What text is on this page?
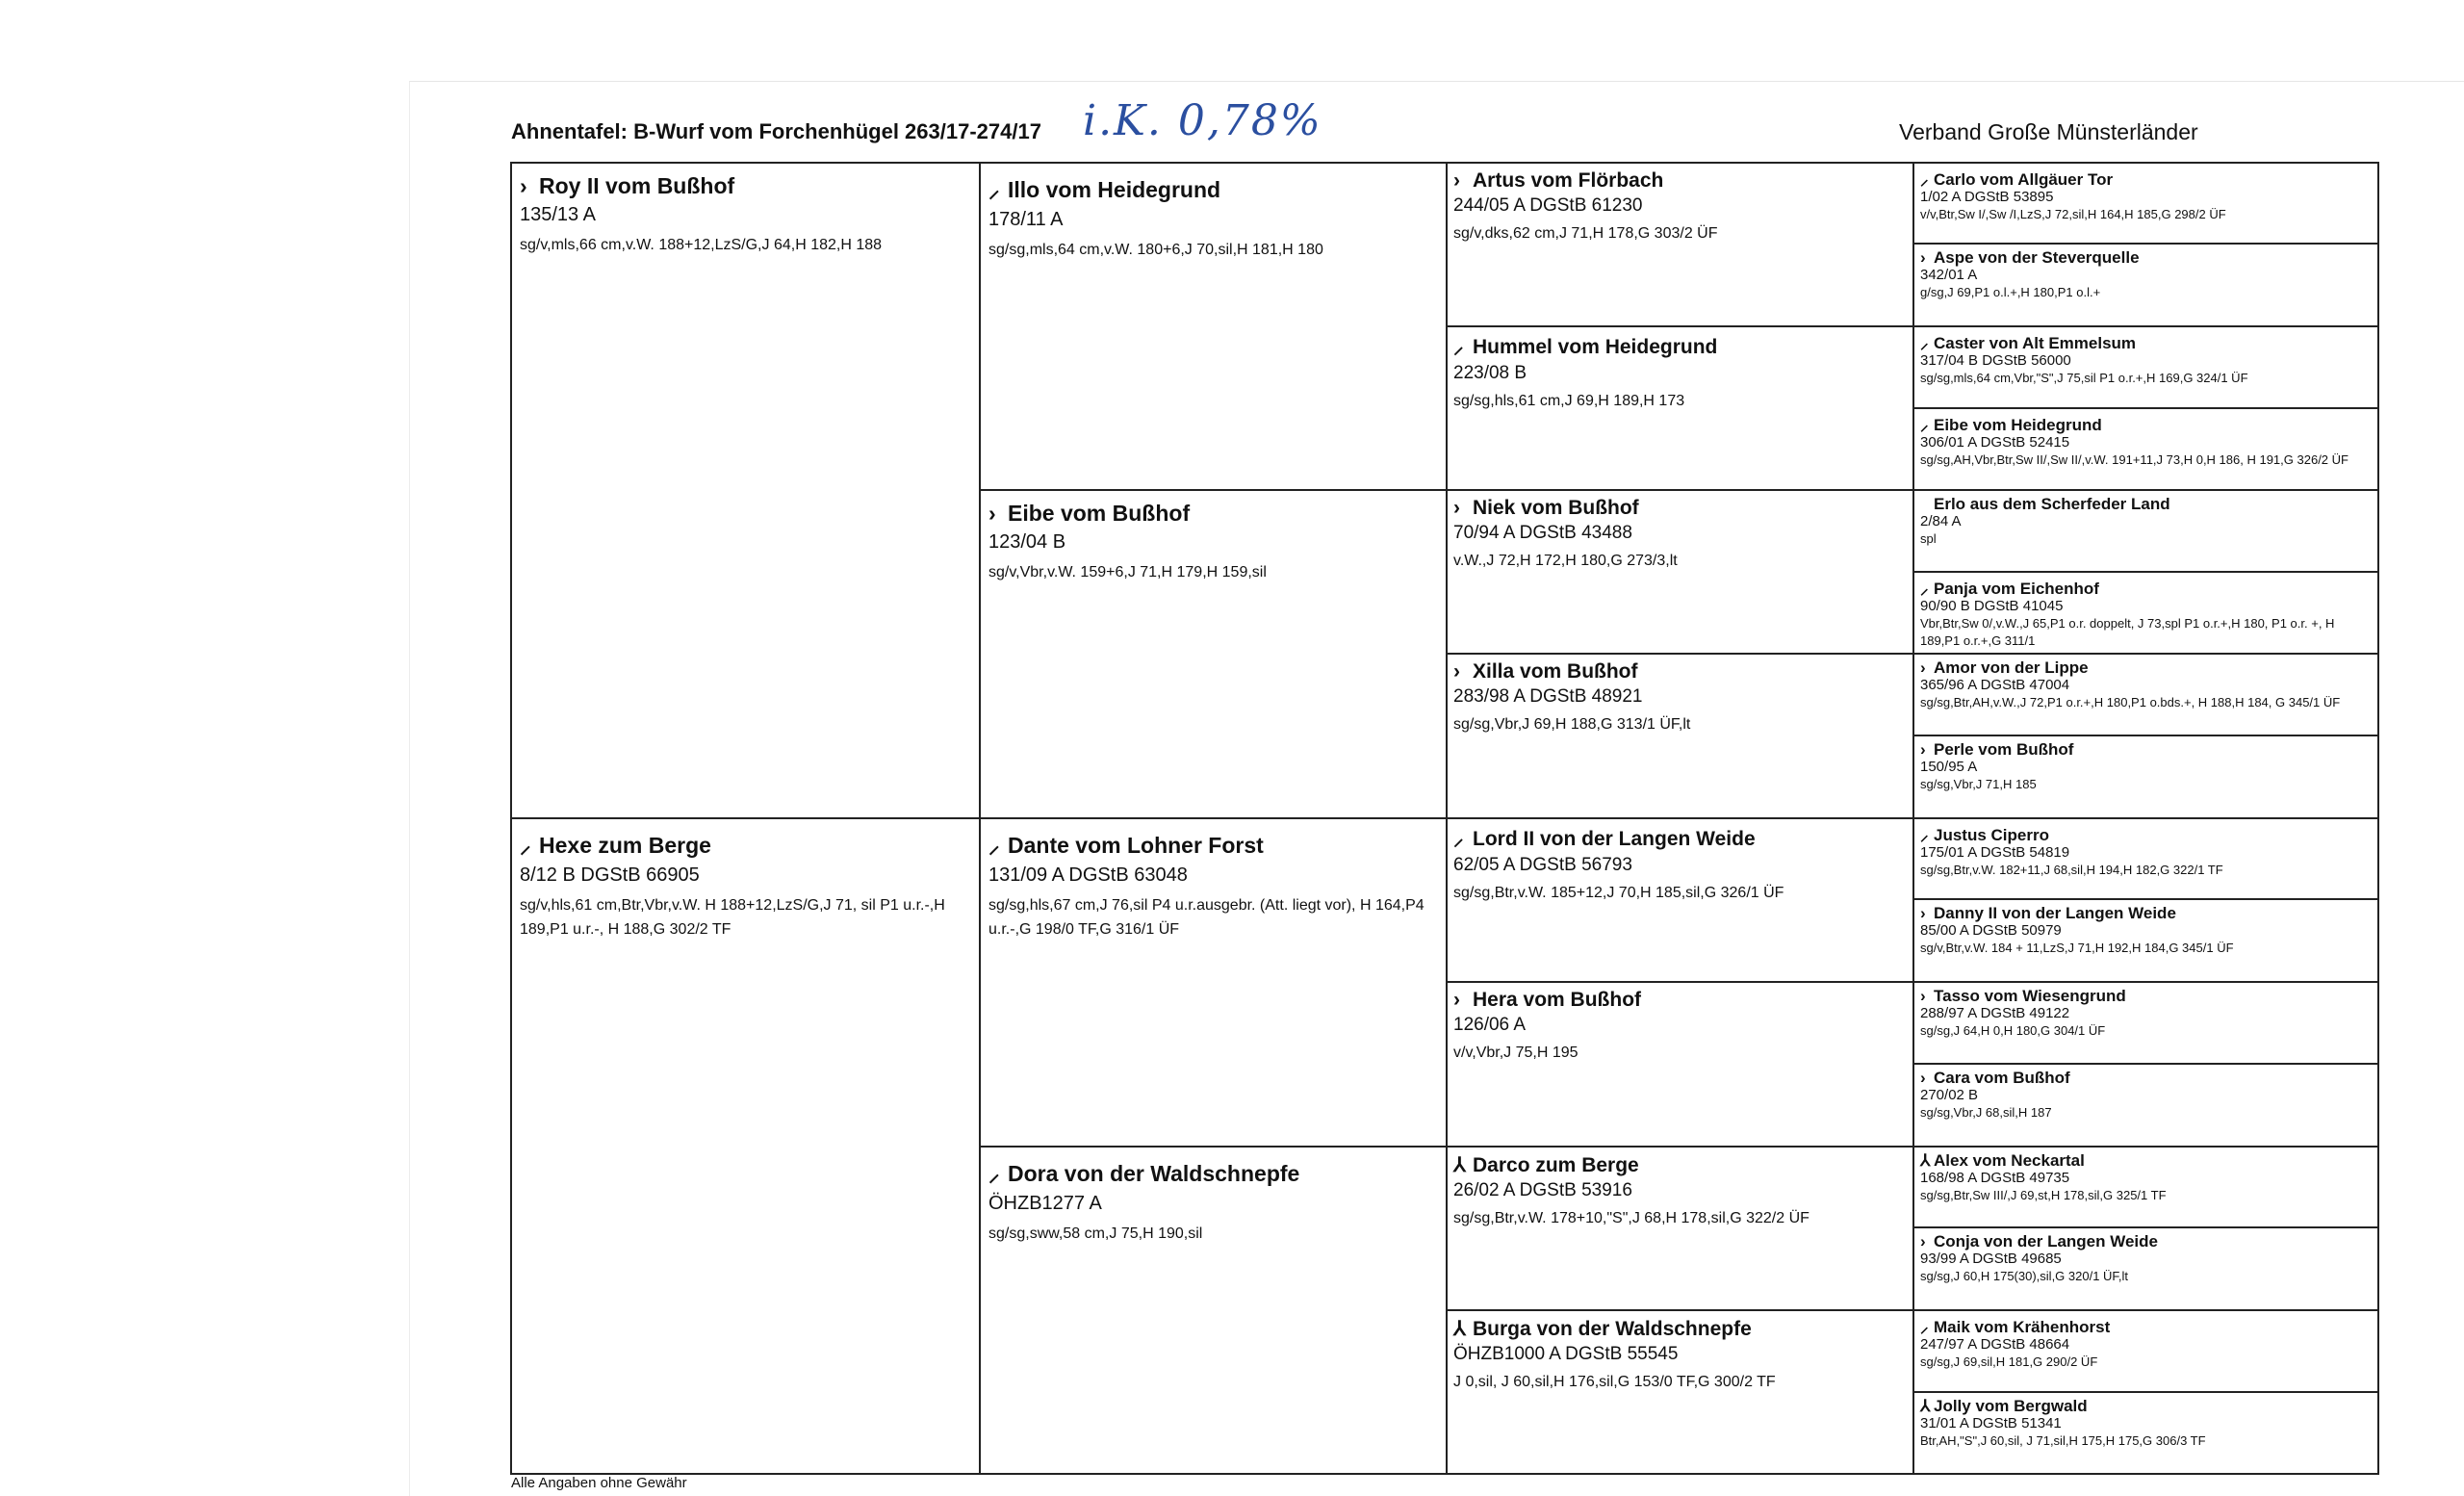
Ahnentafel: B-Wurf vom Forchenhügel 263/17-274/17 i.K. 0,78%	Verband Große Münsterländer
› Roy II vom Bußhof
135/13 A
sg/v,mls,66 cm,v.W. 188+12,LzS/G,J 64,H 182,H 188
⸝ Hexe zum Berge
8/12 B DGStB 66905
sg/v,hls,61 cm,Btr,Vbr,v.W. H 188+12,LzS/G,J 71, sil P1 u.r.-,H 189,P1 u.r.-, H 188,G 302/2 TF
⸝ Illo vom Heidegrund
178/11 A
sg/sg,mls,64 cm,v.W. 180+6,J 70,sil,H 181,H 180
› Eibe vom Bußhof
123/04 B
sg/v,Vbr,v.W. 159+6,J 71,H 179,H 159,sil
⸝ Dante vom Lohner Forst
131/09 A DGStB 63048
sg/sg,hls,67 cm,J 76,sil P4 u.r.ausgebr. (Att. liegt vor), H 164,P4 u.r.-,G 198/0 TF,G 316/1 ÜF
⸝ Dora von der Waldschnepfe
ÖHZB1277 A
sg/sg,sww,58 cm,J 75,H 190,sil
› Artus vom Flörbach
244/05 A DGStB 61230
sg/v,dks,62 cm,J 71,H 178,G 303/2 ÜF
⸝ Hummel vom Heidegrund
223/08 B
sg/sg,hls,61 cm,J 69,H 189,H 173
› Niek vom Bußhof
70/94 A DGStB 43488
v.W.,J 72,H 172,H 180,G 273/3,lt
› Xilla vom Bußhof
283/98 A DGStB 48921
sg/sg,Vbr,J 69,H 188,G 313/1 ÜF,lt
⸝ Lord II von der Langen Weide
62/05 A DGStB 56793
sg/sg,Btr,v.W. 185+12,J 70,H 185,sil,G 326/1 ÜF
› Hera vom Bußhof
126/06 A
v/v,Vbr,J 75,H 195
⅄ Darco zum Berge
26/02 A DGStB 53916
sg/sg,Btr,v.W. 178+10,"S",J 68,H 178,sil,G 322/2 ÜF
⅄ Burga von der Waldschnepfe
ÖHZB1000 A DGStB 55545
J 0,sil, J 60,sil,H 176,sil,G 153/0 TF,G 300/2 TF
⸝ Carlo vom Allgäuer Tor
1/02 A DGStB 53895
v/v,Btr,Sw I/,Sw /I,LzS,J 72,sil,H 164,H 185,G 298/2 ÜF
› Aspe von der Steverquelle
342/01 A
g/sg,J 69,P1 o.l.+,H 180,P1 o.l.+
⸝ Caster von Alt Emmelsum
317/04 B DGStB 56000
sg/sg,mls,64 cm,Vbr,"S",J 75,sil P1 o.r.+,H 169,G 324/1 ÜF
⸝ Eibe vom Heidegrund
306/01 A DGStB 52415
sg/sg,AH,Vbr,Btr,Sw II/,Sw II/,v.W. 191+11,J 73,H 0,H 186, H 191,G 326/2 ÜF
Erlo aus dem Scherfeder Land
2/84 A
spl
⸝ Panja vom Eichenhof
90/90 B DGStB 41045
Vbr,Btr,Sw 0/,v.W.,J 65,P1 o.r. doppelt, J 73,spl P1 o.r.+,H 180, P1 o.r. +, H 189,P1 o.r.+,G 311/1
› Amor von der Lippe
365/96 A DGStB 47004
sg/sg,Btr,AH,v.W.,J 72,P1 o.r.+,H 180,P1 o.bds.+, H 188,H 184, G 345/1 ÜF
› Perle vom Bußhof
150/95 A
sg/sg,Vbr,J 71,H 185
⸝ Justus Ciperro
175/01 A DGStB 54819
sg/sg,Btr,v.W. 182+11,J 68,sil,H 194,H 182,G 322/1 TF
› Danny II von der Langen Weide
85/00 A DGStB 50979
sg/v,Btr,v.W. 184 + 11,LzS,J 71,H 192,H 184,G 345/1 ÜF
› Tasso vom Wiesengrund
288/97 A DGStB 49122
sg/sg,J 64,H 0,H 180,G 304/1 ÜF
› Cara vom Bußhof
270/02 B
sg/sg,Vbr,J 68,sil,H 187
⅄ Alex vom Neckartal
168/98 A DGStB 49735
sg/sg,Btr,Sw III/,J 69,st,H 178,sil,G 325/1 TF
› Conja von der Langen Weide
93/99 A DGStB 49685
sg/sg,J 60,H 175(30),sil,G 320/1 ÜF,lt
⸝ Maik vom Krähenhorst
247/97 A DGStB 48664
sg/sg,J 69,sil,H 181,G 290/2 ÜF
⅄ Jolly vom Bergwald
31/01 A DGStB 51341
Btr,AH,"S",J 60,sil, J 71,sil,H 175,H 175,G 306/3 TF
Alle Angaben ohne Gewähr
